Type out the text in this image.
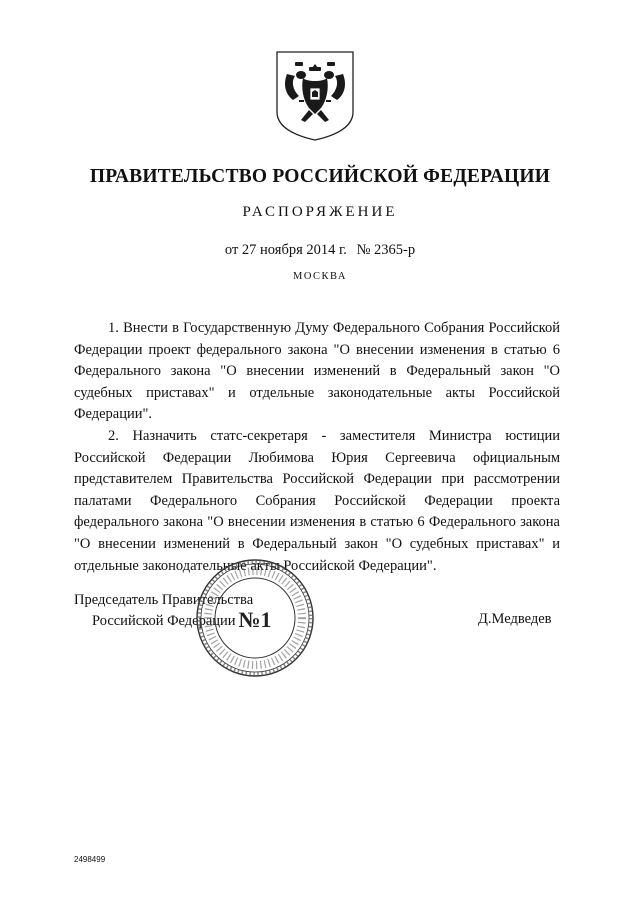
ПРАВИТЕЛЬСТВО РОССИЙСКОЙ ФЕДЕРАЦИИ
РАСПОРЯЖЕНИЕ
от 27 ноября 2014 г. № 2365-р
МОСКВА

1. Внести в Государственную Думу Федерального Собрания Российской Федерации проект федерального закона "О внесении изменения в статью 6 Федерального закона "О внесении изменений в Федеральный закон "О судебных приставах" и отдельные законодательные акты Российской Федерации".

2. Назначить статс-секретаря - заместителя Министра юстиции Российской Федерации Любимова Юрия Сергеевича официальным представителем Правительства Российской Федерации при рассмотрении палатами Федерального Собрания Российской Федерации проекта федерального закона "О внесении изменения в статью 6 Федерального закона "О внесении изменений в Федеральный закон "О судебных приставах" и отдельные законодательные акты Российской Федерации".

Председатель Правительства
Российской Федерации	Д.Медведев
№1
2498499
